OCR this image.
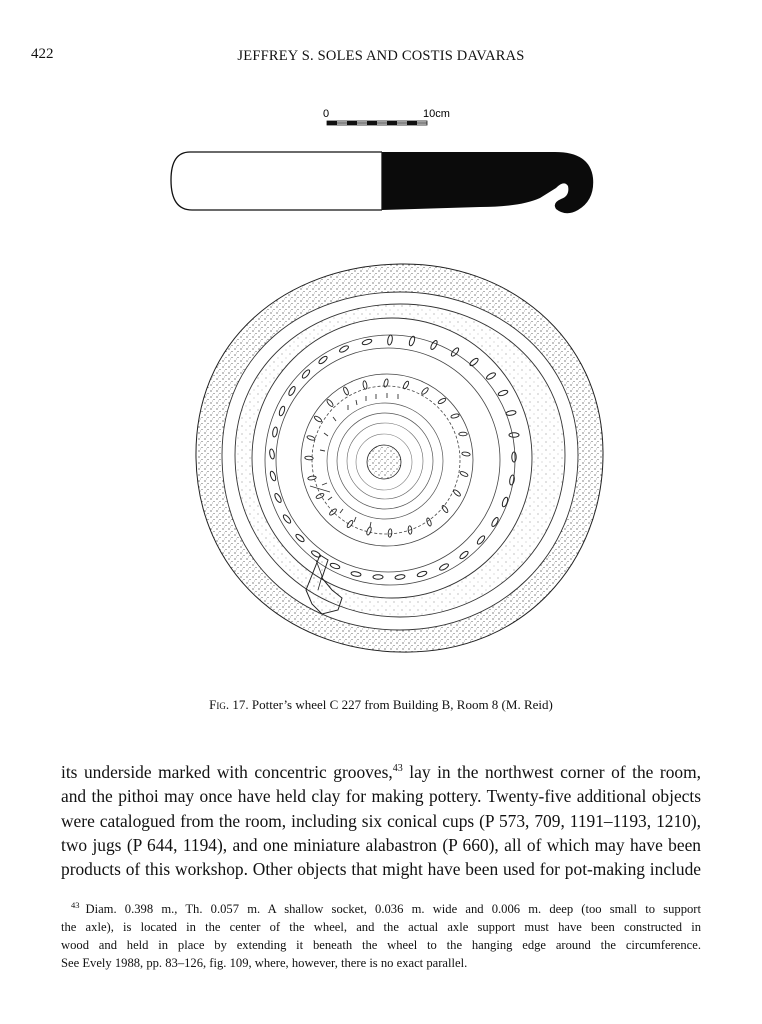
422	JEFFREY S. SOLES AND COSTIS DAVARAS
0	10cm
Fig. 17. Potter’s wheel C 227 from Building B, Room 8 (M. Reid)
its underside marked with concentric grooves,$^{43}$ lay in the northwest corner of the room,
and the pithoi may once have held clay for making pottery. Twenty-five additional objects
were catalogued from the room, including six conical cups (P 573, 709, 1191–1193, 1210),
two jugs (P 644, 1194), and one miniature alabastron (P 660), all of which may have been
products of this workshop. Other objects that might have been used for pot-making include
$^{43}$ Diam. 0.398 m., Th. 0.057 m. A shallow socket, 0.036 m. wide and 0.006 m. deep (too small to support
the axle), is located in the center of the wheel, and the actual axle support must have been constructed in
wood and held in place by extending it beneath the wheel to the hanging edge around the circumference.
See Evely 1988, pp. 83–126, fig. 109, where, however, there is no exact parallel.
